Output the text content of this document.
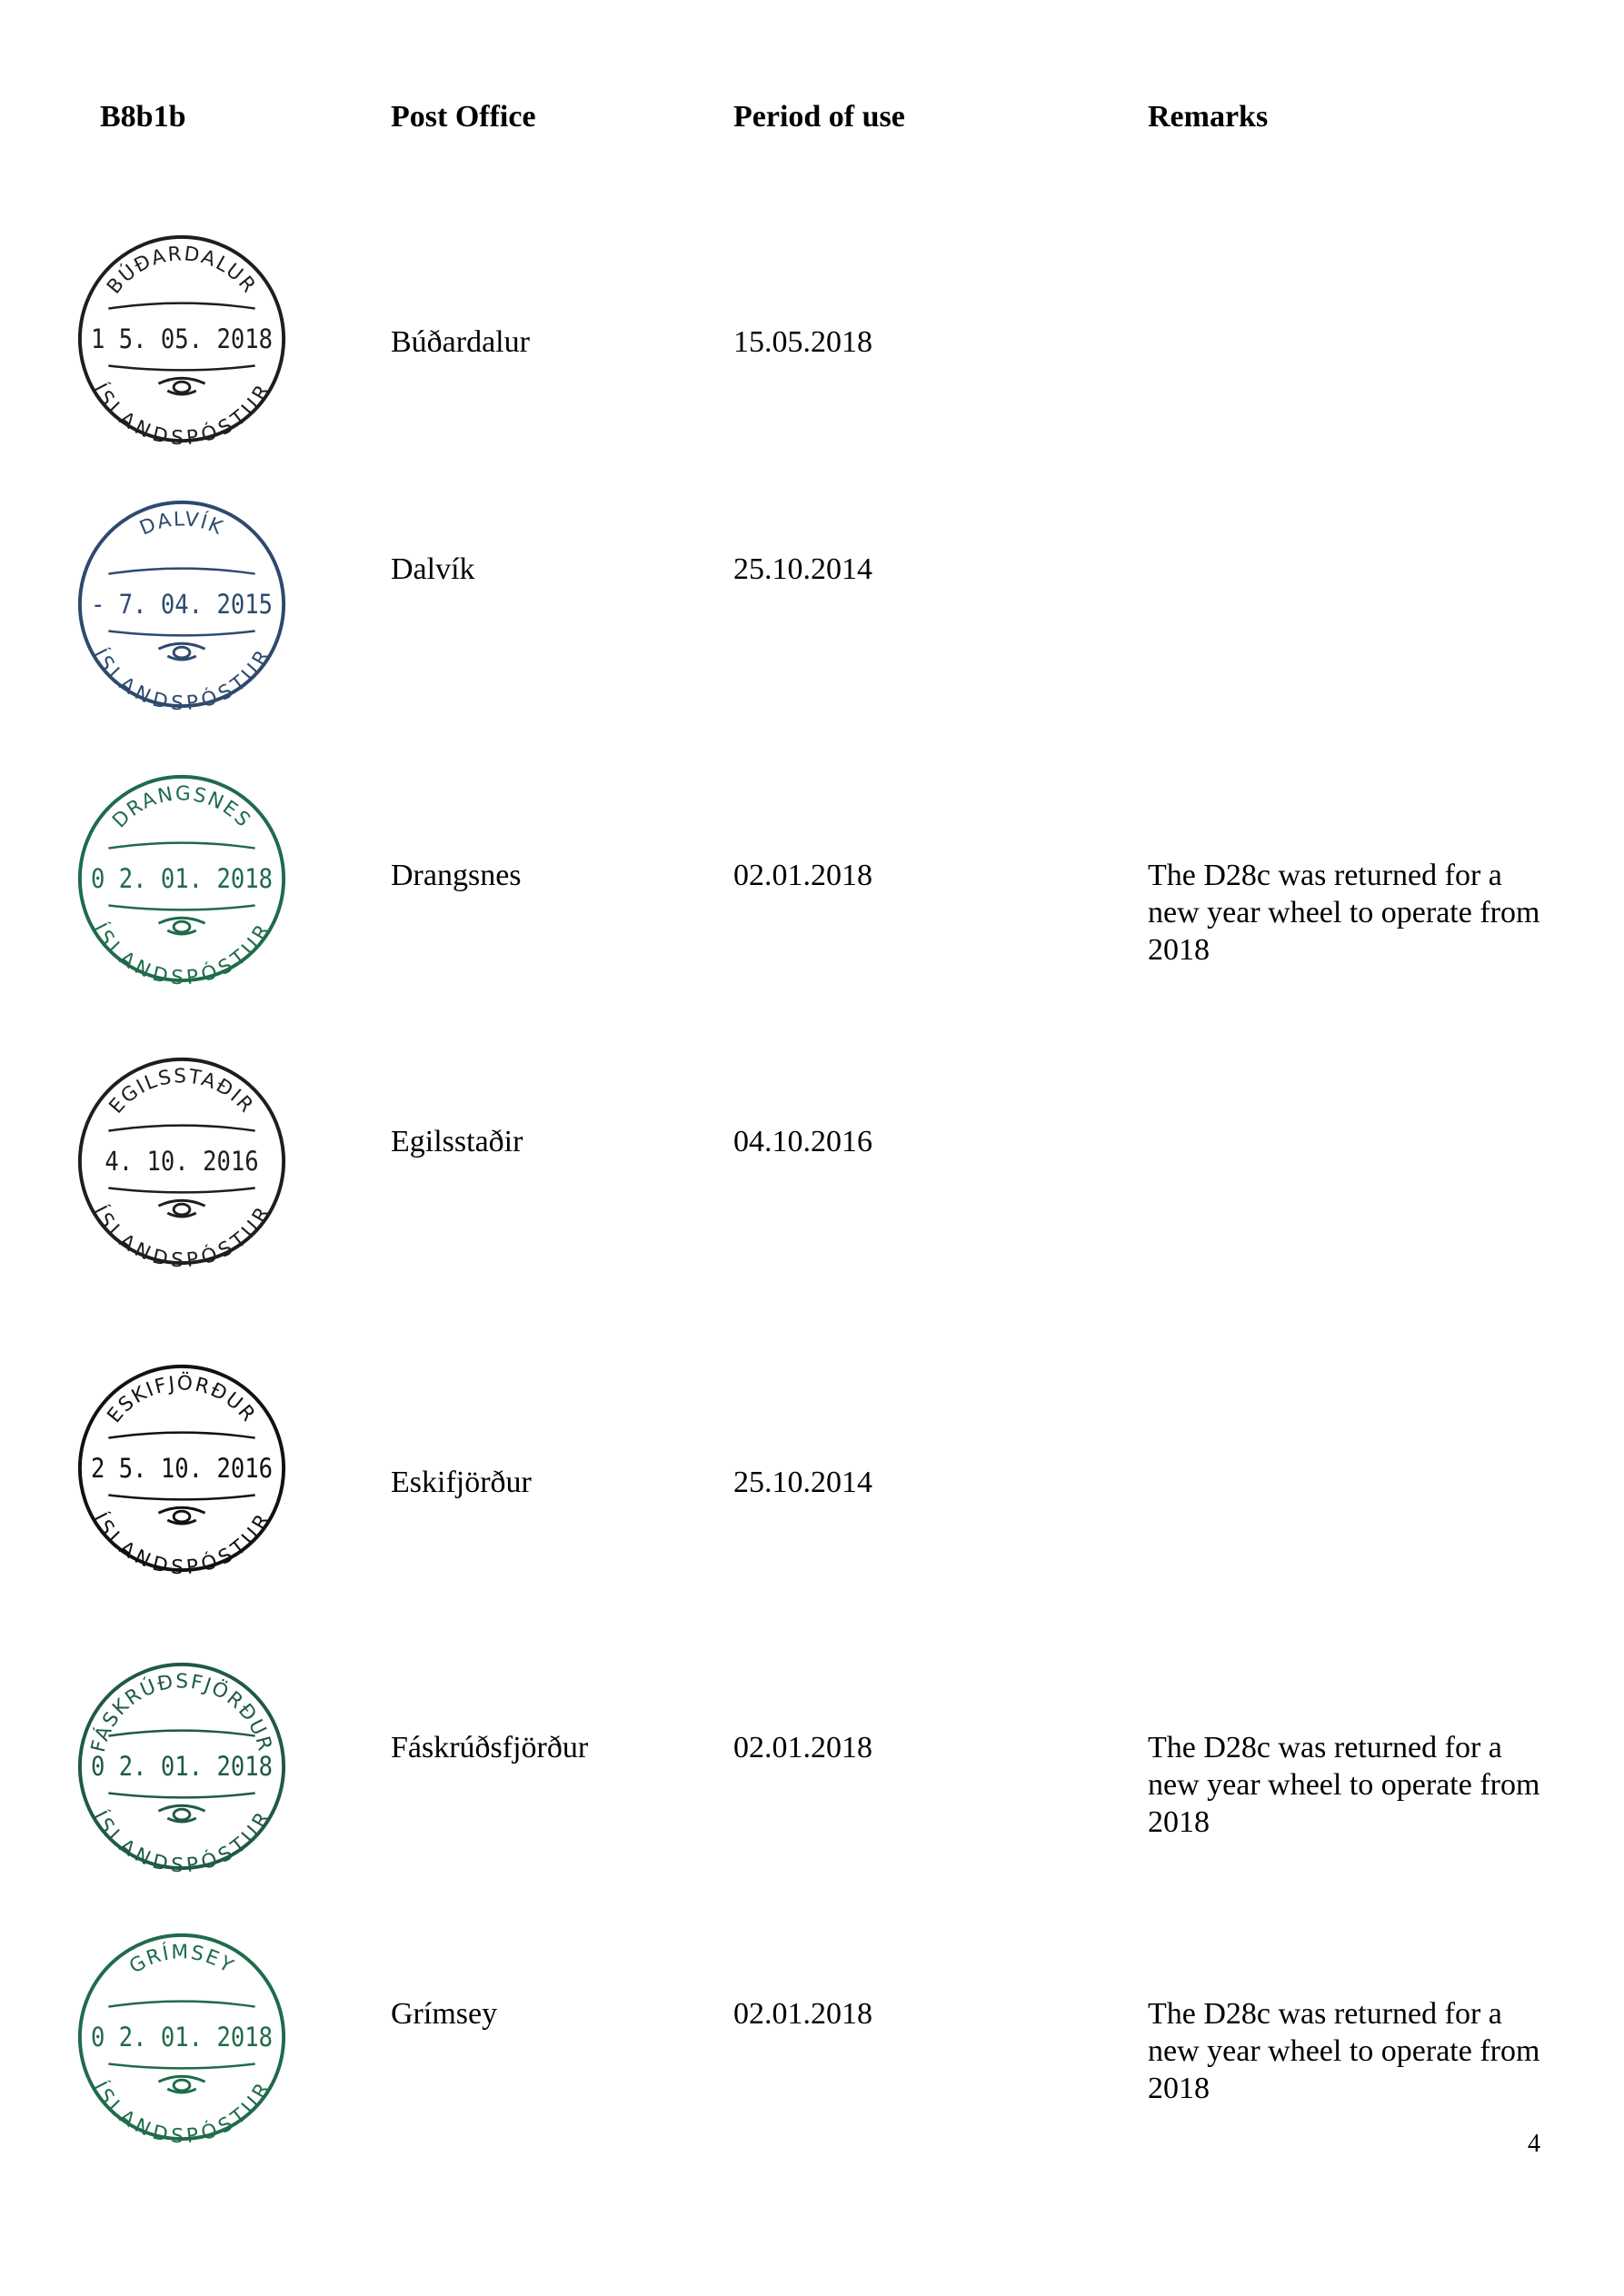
B8b1b	Post Office	Period of use	Remarks
BÚÐARDALUR
1 5. 05. 2018
ÍSLANDSPÓSTUR
Búðardalur	15.05.2018
DALVÍK
- 7. 04. 2015
ÍSLANDSPÓSTUR
Dalvík	25.10.2014
DRANGSNES
0 2. 01. 2018
ÍSLANDSPÓSTUR
Drangsnes	02.01.2018	The D28c was returned for a new year wheel to operate from 2018
EGILSSTAÐIR
4. 10. 2016
ÍSLANDSPÓSTUR
Egilsstaðir	04.10.2016
ESKIFJÖRÐUR
2 5. 10. 2016
ÍSLANDSPÓSTUR
Eskifjörður	25.10.2014
FÁSKRÚÐSFJÖRÐUR
0 2. 01. 2018
ÍSLANDSPÓSTUR
Fáskrúðsfjörður	02.01.2018	The D28c was returned for a new year wheel to operate from 2018
GRÍMSEY
0 2. 01. 2018
ÍSLANDSPÓSTUR
Grímsey	02.01.2018	The D28c was returned for a new year wheel to operate from 2018
4
